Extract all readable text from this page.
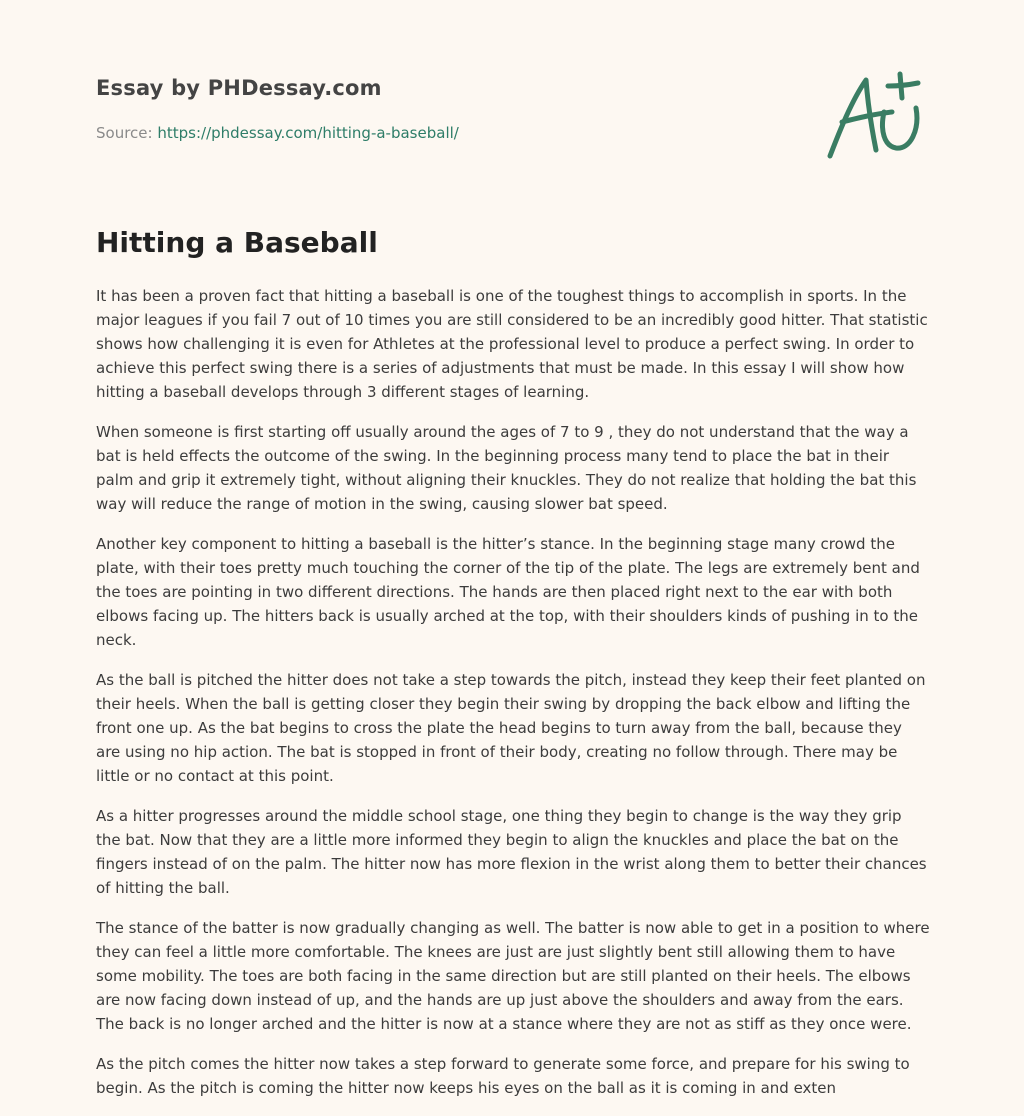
Essay by PHDessay.com
Source: https://phdessay.com/hitting-a-baseball/
Hitting a Baseball

It has been a proven fact that hitting a baseball is one of the toughest things to accomplish in sports. In the major leagues if you fail 7 out of 10 times you are still considered to be an incredibly good hitter. That statistic shows how challenging it is even for Athletes at the professional level to produce a perfect swing. In order to achieve this perfect swing there is a series of adjustments that must be made. In this essay I will show how hitting a baseball develops through 3 different stages of learning.

When someone is first starting off usually around the ages of 7 to 9 , they do not understand that the way a bat is held effects the outcome of the swing. In the beginning process many tend to place the bat in their palm and grip it extremely tight, without aligning their knuckles. They do not realize that holding the bat this way will reduce the range of motion in the swing, causing slower bat speed.

Another key component to hitting a baseball is the hitter’s stance. In the beginning stage many crowd the plate, with their toes pretty much touching the corner of the tip of the plate. The legs are extremely bent and the toes are pointing in two different directions. The hands are then placed right next to the ear with both elbows facing up. The hitters back is usually arched at the top, with their shoulders kinds of pushing in to the neck.

As the ball is pitched the hitter does not take a step towards the pitch, instead they keep their feet planted on their heels. When the ball is getting closer they begin their swing by dropping the back elbow and lifting the front one up. As the bat begins to cross the plate the head begins to turn away from the ball, because they are using no hip action. The bat is stopped in front of their body, creating no follow through. There may be little or no contact at this point.

As a hitter progresses around the middle school stage, one thing they begin to change is the way they grip the bat. Now that they are a little more informed they begin to align the knuckles and place the bat on the fingers instead of on the palm. The hitter now has more flexion in the wrist along them to better their chances of hitting the ball.

The stance of the batter is now gradually changing as well. The batter is now able to get in a position to where they can feel a little more comfortable. The knees are just are just slightly bent still allowing them to have some mobility. The toes are both facing in the same direction but are still planted on their heels. The elbows are now facing down instead of up, and the hands are up just above the shoulders and away from the ears. The back is no longer arched and the hitter is now at a stance where they are not as stiff as they once were.

As the pitch comes the hitter now takes a step forward to generate some force, and prepare for his swing to begin. As the pitch is coming the hitter now keeps his eyes on the ball as it is coming in and exten
